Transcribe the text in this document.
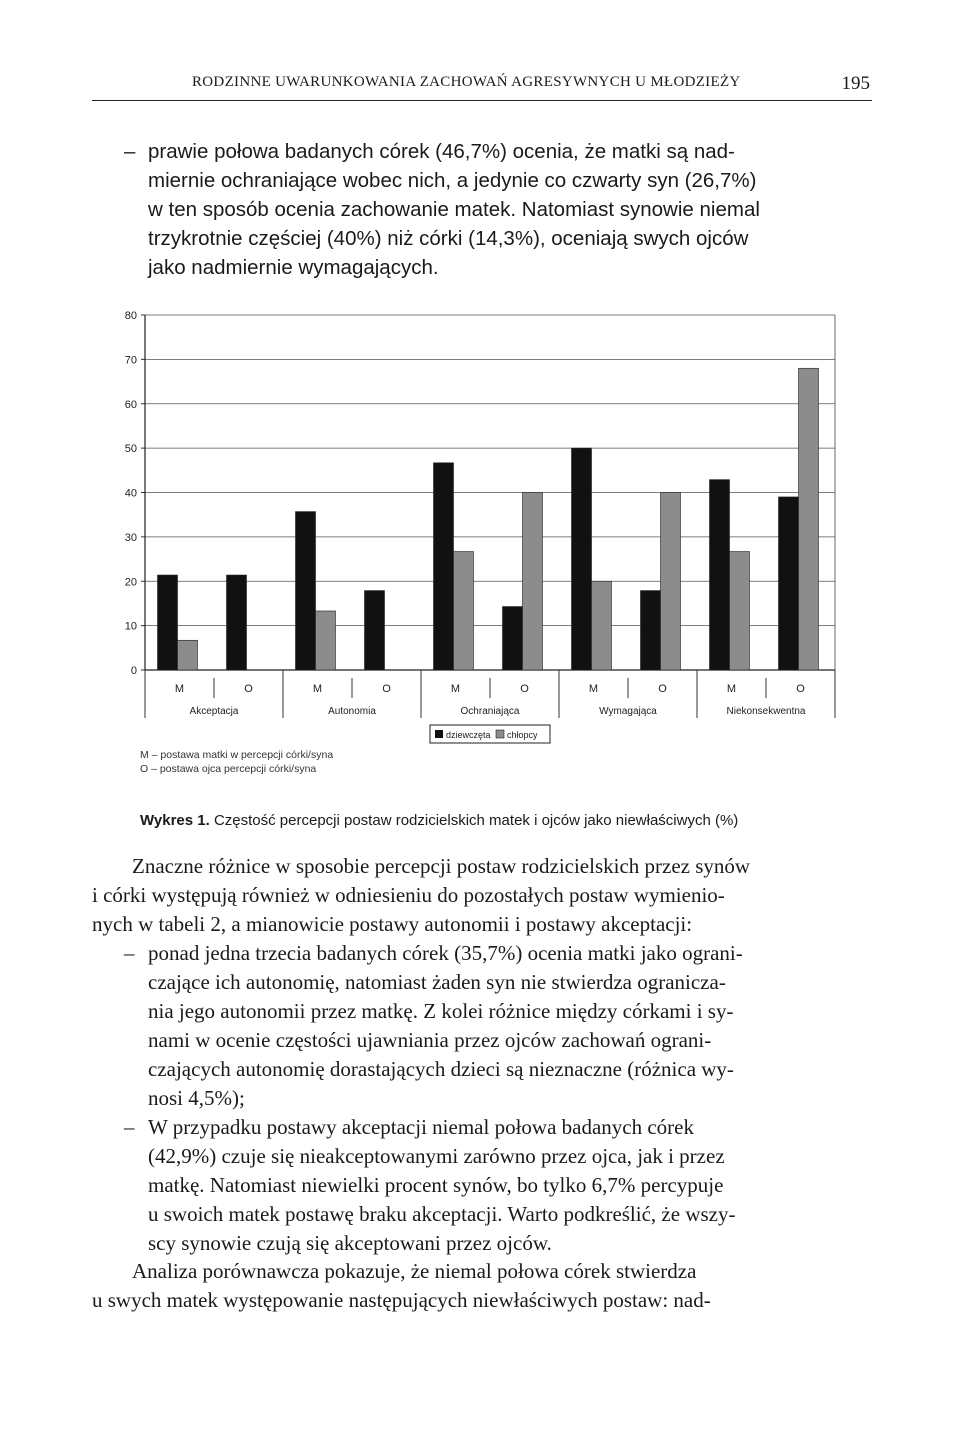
RODZINNE UWARUNKOWANIA ZACHOWAŃ AGRESYWNYCH U MŁODZIEŻY	195
– prawie połowa badanych córek (46,7%) ocenia, że matki są nad-
miernie ochraniające wobec nich, a jedynie co czwarty syn (26,7%)
w ten sposób ocenia zachowanie matek. Natomiast synowie niemal
trzykrotnie częściej (40%) niż córki (14,3%), oceniają swych ojców
jako nadmiernie wymagających.
0
10
20
30
40
50
60
70
80
M	O	M	O	M	O	M	O	M	O
Akceptacja	Autonomia	Ochraniająca	Wymagająca	Niekonsekwentna
dziewczęta chłopcy
M – postawa matki w percepcji córki/syna
O – postawa ojca percepcji córki/syna
Wykres 1. Częstość percepcji postaw rodzicielskich matek i ojców jako niewłaściwych (%)
Znaczne różnice w sposobie percepcji postaw rodzicielskich przez synów
i córki występują również w odniesieniu do pozostałych postaw wymienio-
nych w tabeli 2, a mianowicie postawy autonomii i postawy akceptacji:
– ponad jedna trzecia badanych córek (35,7%) ocenia matki jako ograni-
czające ich autonomię, natomiast żaden syn nie stwierdza ogranicza-
nia jego autonomii przez matkę. Z kolei różnice między córkami i sy-
nami w ocenie częstości ujawniania przez ojców zachowań ograni-
czających autonomię dorastających dzieci są nieznaczne (różnica wy-
nosi 4,5%);
– W przypadku postawy akceptacji niemal połowa badanych córek
(42,9%) czuje się nieakceptowanymi zarówno przez ojca, jak i przez
matkę. Natomiast niewielki procent synów, bo tylko 6,7% percypuje
u swoich matek postawę braku akceptacji. Warto podkreślić, że wszy-
scy synowie czują się akceptowani przez ojców.
Analiza porównawcza pokazuje, że niemal połowa córek stwierdza
u swych matek występowanie następujących niewłaściwych postaw: nad-
